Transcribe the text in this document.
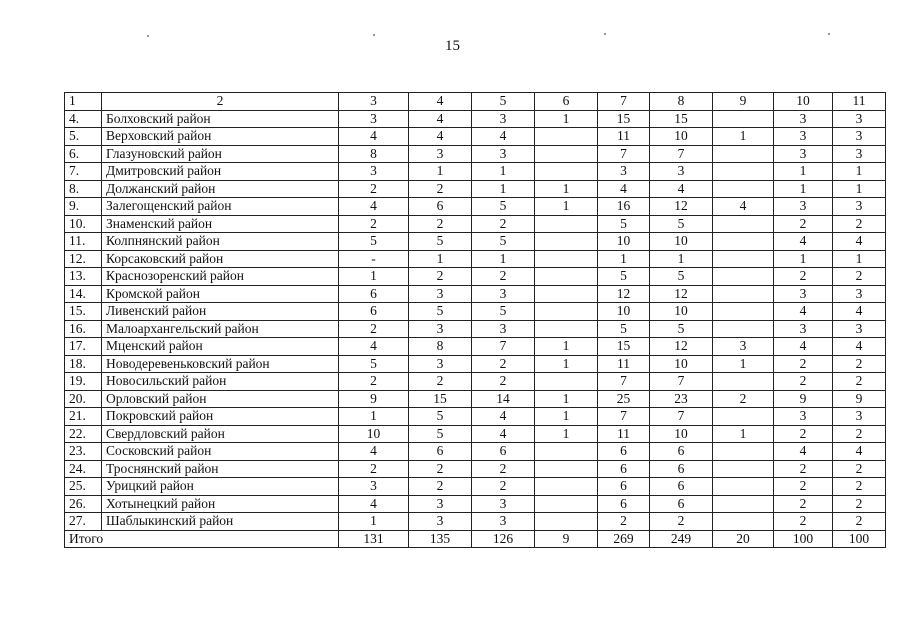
15
1	2	3	4	5	6	7	8	9	10	11
4.	Болховский район	3	4	3	1	15	15		3	3
5.	Верховский район	4	4	4		11	10	1	3	3
6.	Глазуновский район	8	3	3		7	7		3	3
7.	Дмитровский район	3	1	1		3	3		1	1
8.	Должанский район	2	2	1	1	4	4		1	1
9.	Залегощенский район	4	6	5	1	16	12	4	3	3
10.	Знаменский район	2	2	2		5	5		2	2
11.	Колпнянский район	5	5	5		10	10		4	4
12.	Корсаковский район	-	1	1		1	1		1	1
13.	Краснозоренский район	1	2	2		5	5		2	2
14.	Кромской район	6	3	3		12	12		3	3
15.	Ливенский район	6	5	5		10	10		4	4
16.	Малоархангельский район	2	3	3		5	5		3	3
17.	Мценский район	4	8	7	1	15	12	3	4	4
18.	Новодеревеньковский район	5	3	2	1	11	10	1	2	2
19.	Новосильский район	2	2	2		7	7		2	2
20.	Орловский район	9	15	14	1	25	23	2	9	9
21.	Покровский район	1	5	4	1	7	7		3	3
22.	Свердловский район	10	5	4	1	11	10	1	2	2
23.	Сосковский район	4	6	6		6	6		4	4
24.	Троснянский район	2	2	2		6	6		2	2
25.	Урицкий район	3	2	2		6	6		2	2
26.	Хотынецкий район	4	3	3		6	6		2	2
27.	Шаблыкинский район	1	3	3		2	2		2	2
Итого		131	135	126	9	269	249	20	100	100
